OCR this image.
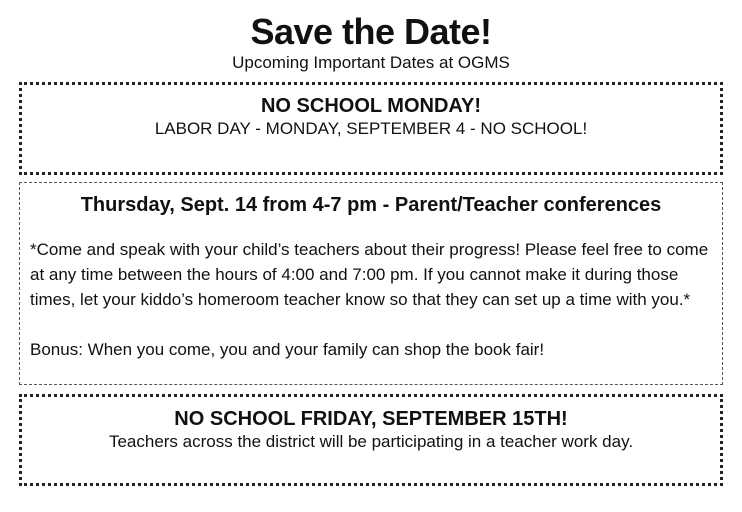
Save the Date!
Upcoming Important Dates at OGMS
NO SCHOOL MONDAY!
LABOR DAY - MONDAY, SEPTEMBER 4 - NO SCHOOL!
Thursday, Sept. 14 from 4-7 pm - Parent/Teacher conferences
*Come and speak with your child’s teachers about their progress! Please feel free to come at any time between the hours of 4:00 and 7:00 pm. If you cannot make it during those times, let your kiddo’s homeroom teacher know so that they can set up a time with you.*
Bonus: When you come, you and your family can shop the book fair!
NO SCHOOL FRIDAY, SEPTEMBER 15TH!
Teachers across the district will be participating in a teacher work day.
